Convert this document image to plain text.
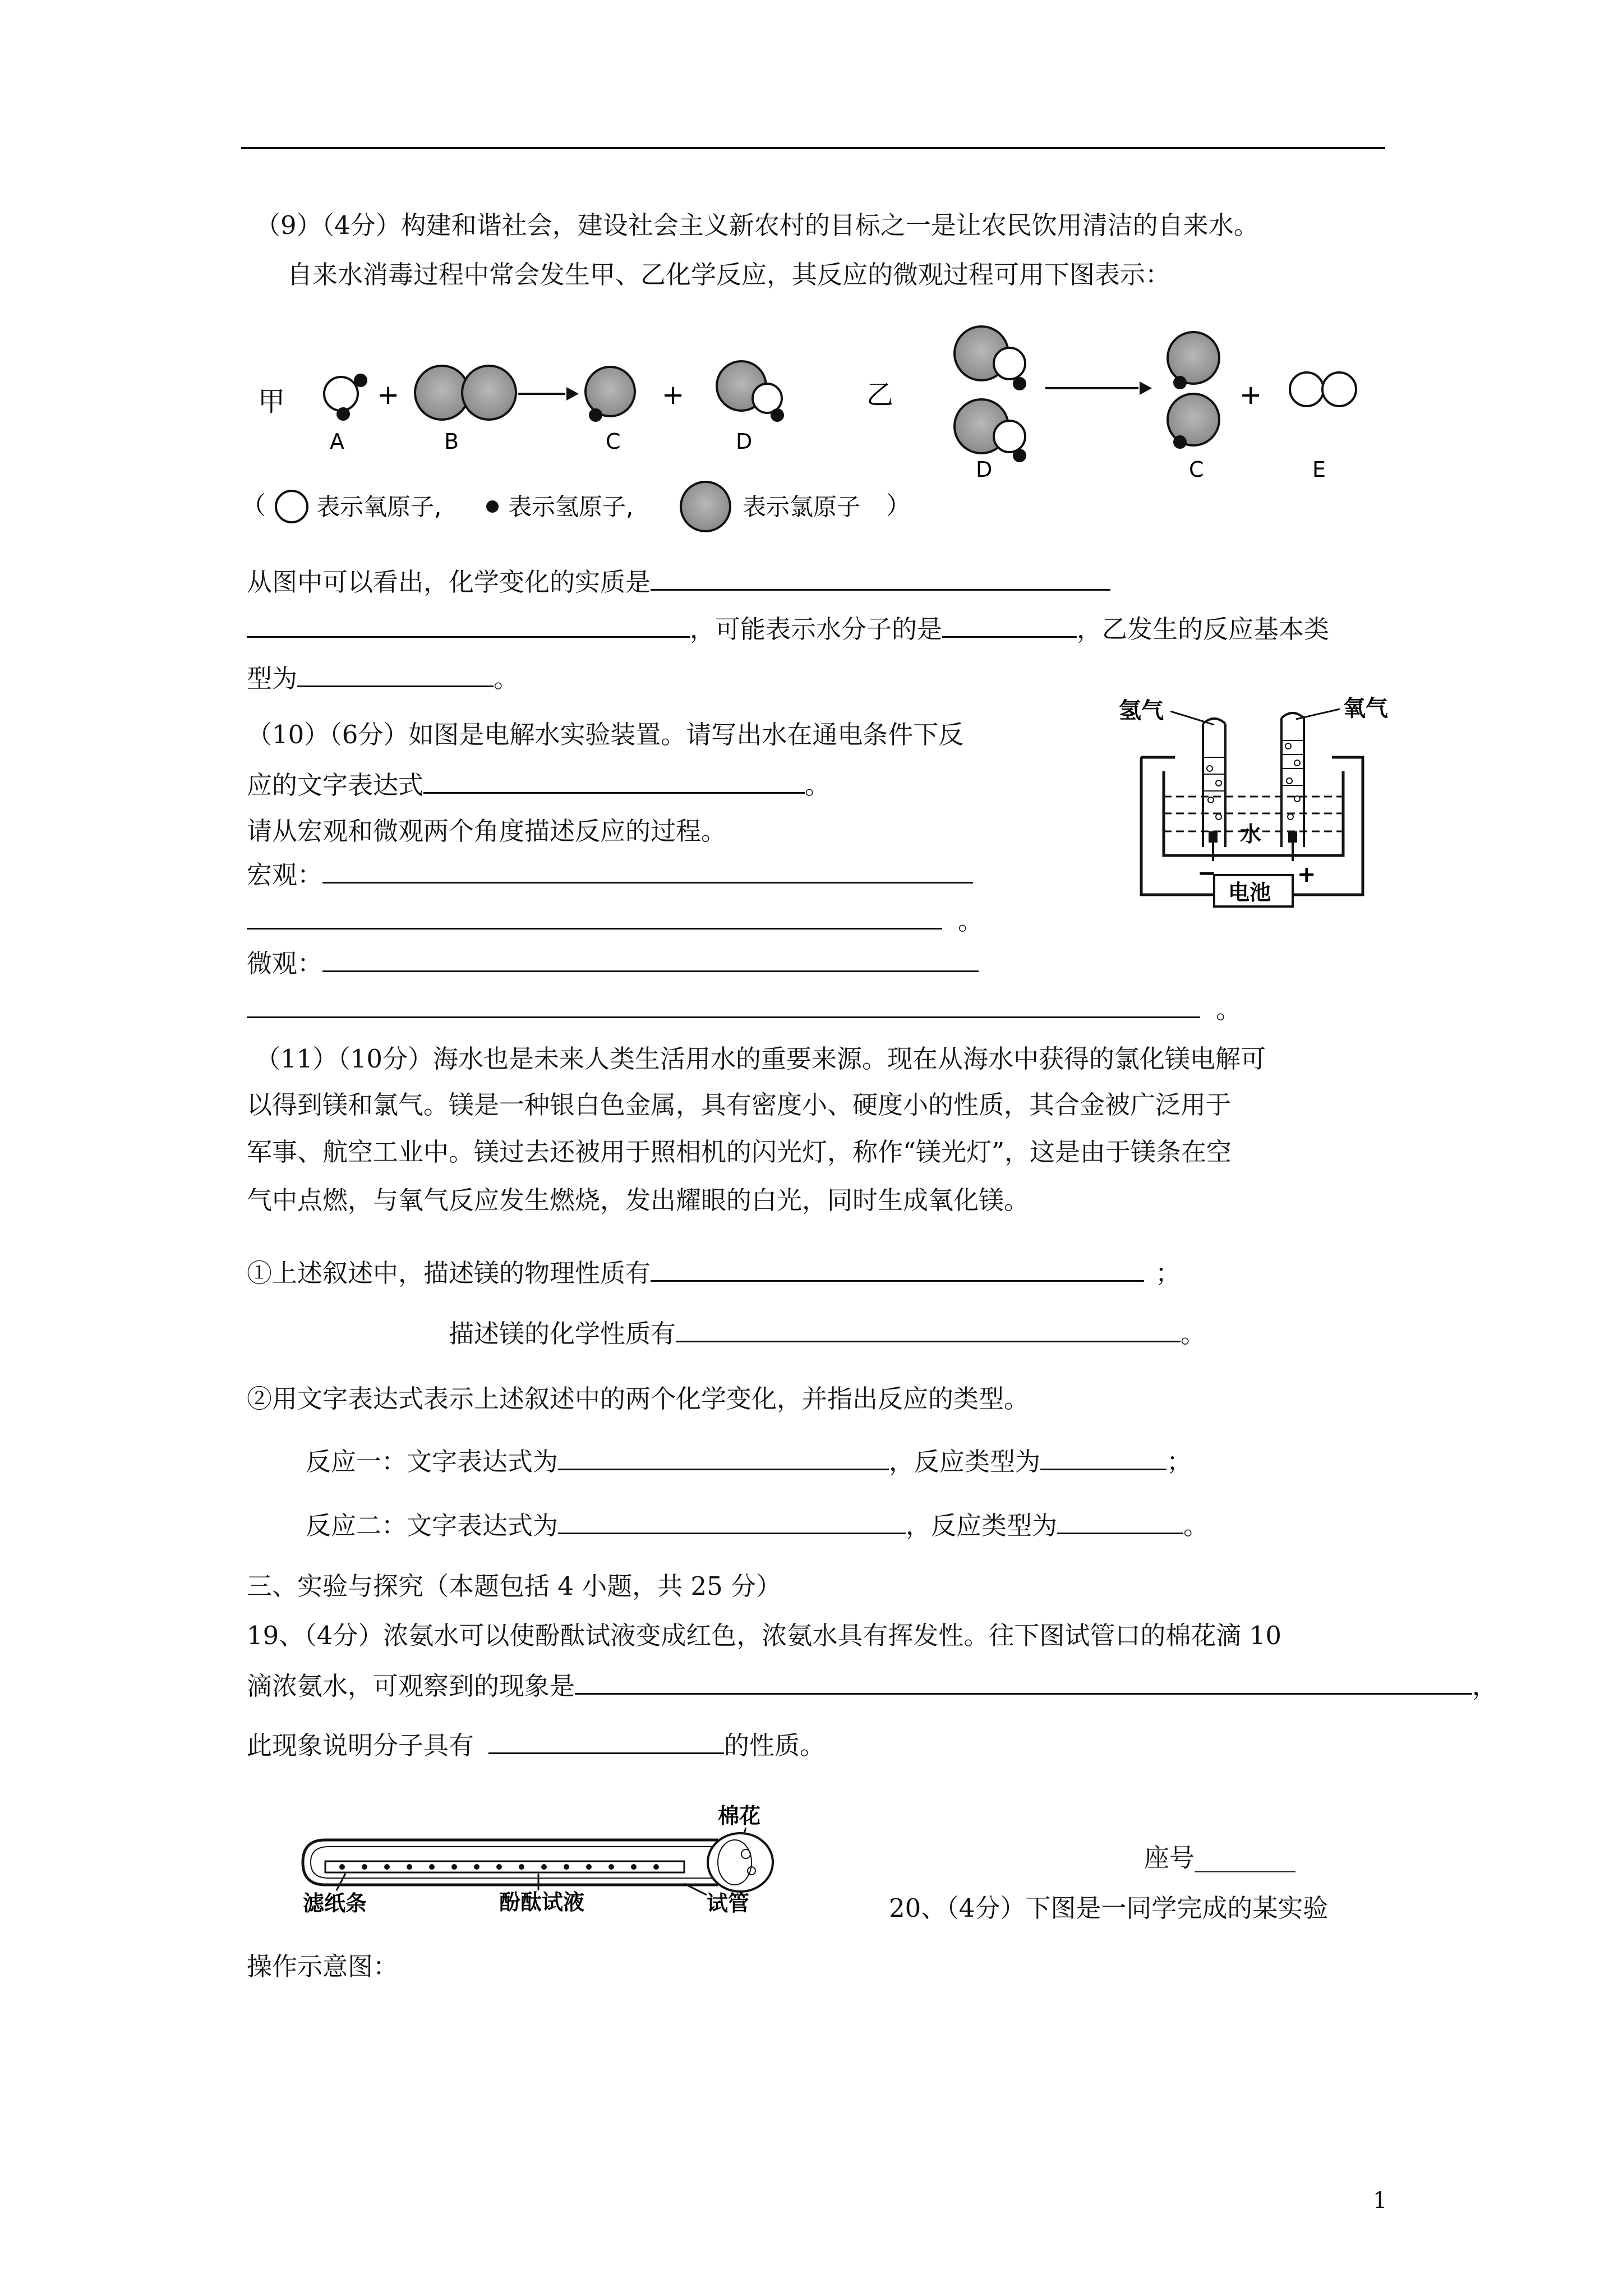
（9）（4分）构建和谐社会，建设社会主义新农村的目标之一是让农民饮用清洁的自来水。
自来水消毒过程中常会发生甲、乙化学反应，其反应的微观过程可用下图表示：
甲
A
+
B	C
+
D
乙
D	C
+
E
（ 表示氧原子,	表示氢原子,	表示氯原子 ）
从图中可以看出，化学变化的实质是
，可能表示水分子的是	，乙发生的反应基本类
型为	。
（10）（6分）如图是电解水实验装置。请写出水在通电条件下反
应的文字表达式	。
请从宏观和微观两个角度描述反应的过程。
宏观：
。
微观：
。
氢气	氧气
水
电池
−	+
（11）（10分）海水也是未来人类生活用水的重要来源。现在从海水中获得的氯化镁电解可
以得到镁和氯气。镁是一种银白色金属，具有密度小、硬度小的性质，其合金被广泛用于
军事、航空工业中。镁过去还被用于照相机的闪光灯，称作“镁光灯”，这是由于镁条在空
气中点燃，与氧气反应发生燃烧，发出耀眼的白光，同时生成氧化镁。
①上述叙述中，描述镁的物理性质有	；
描述镁的化学性质有	。
②用文字表达式表示上述叙述中的两个化学变化，并指出反应的类型。
反应一：文字表达式为	，反应类型为	；
反应二：文字表达式为	，反应类型为	。
三、实验与探究（本题包括 4 小题，共 25 分）
19、（4分）浓氨水可以使酚酞试液变成红色，浓氨水具有挥发性。往下图试管口的棉花滴 10
滴浓氨水，可观察到的现象是	，
此现象说明分子具有	的性质。
棉花
滤纸条	酚酞试液	试管
座号________
20、（4分）下图是一同学完成的某实验
操作示意图：
1
